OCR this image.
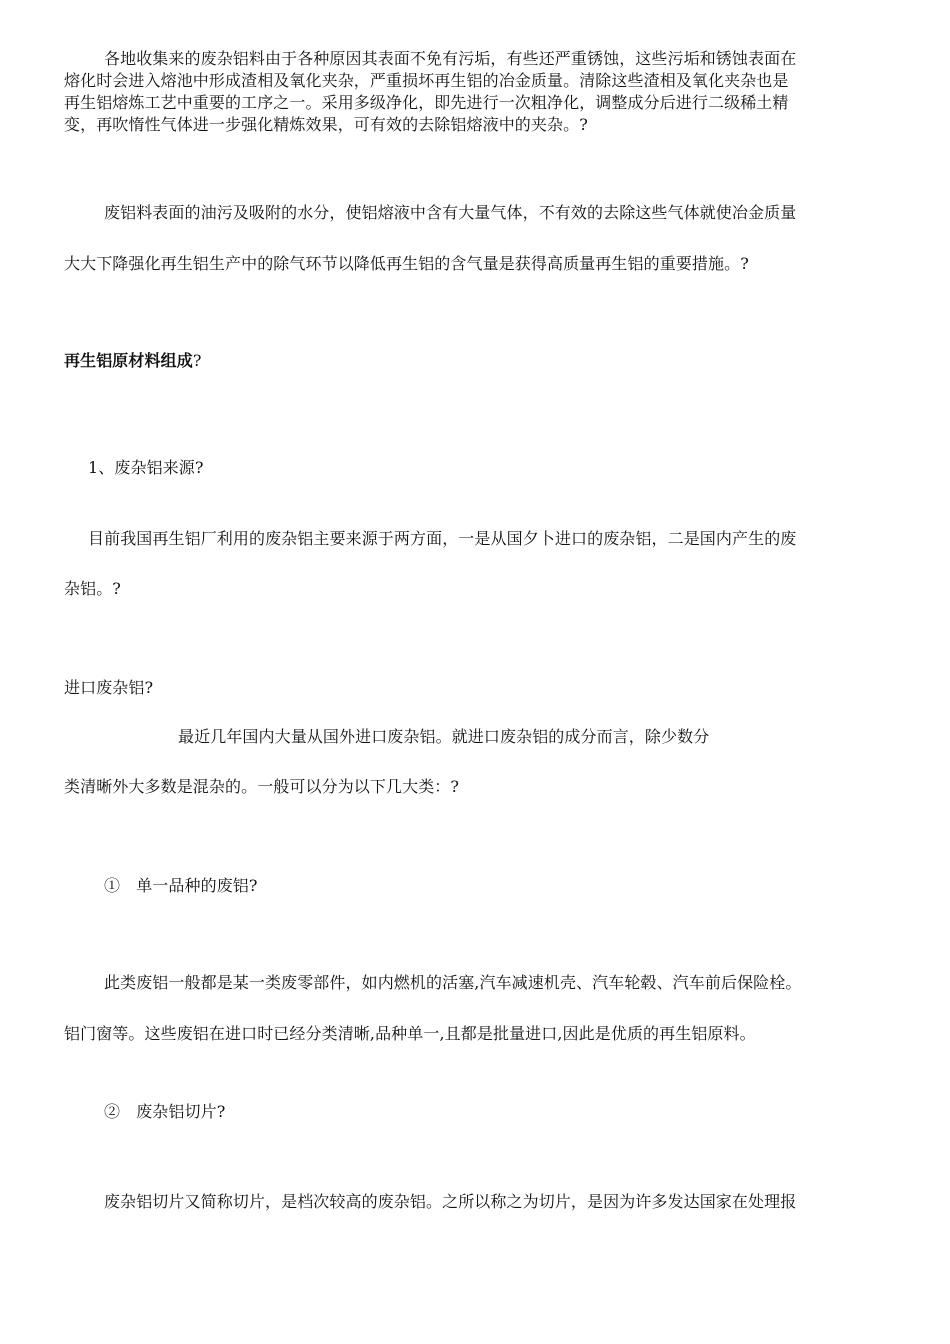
各地收集来的废杂铝料由于各种原因其表面不免有污垢，有些还严重锈蚀，这些污垢和锈蚀表面在
熔化时会进入熔池中形成渣相及氧化夹杂，严重损坏再生铝的冶金质量。清除这些渣相及氧化夹杂也是
再生铝熔炼工艺中重要的工序之一。采用多级净化，即先进行一次粗净化，调整成分后进行二级稀土精
变，再吹惰性气体进一步强化精炼效果，可有效的去除铝熔液中的夹杂。?
废铝料表面的油污及吸附的水分，使铝熔液中含有大量气体，不有效的去除这些气体就使冶金质量
大大下降强化再生铝生产中的除气环节以降低再生铝的含气量是获得高质量再生铝的重要措施。?
再生铝原材料组成?
1、废杂铝来源?
目前我国再生铝厂利用的废杂铝主要来源于两方面，一是从国夕卜进口的废杂铝，二是国内产生的废
杂铝。?
进口废杂铝?
最近几年国内大量从国外进口废杂铝。就进口废杂铝的成分而言，除少数分
类清晰外大多数是混杂的。一般可以分为以下几大类：?
①　单一品种的废铝?
此类废铝一般都是某一类废零部件，如内燃机的活塞,汽车减速机壳、汽车轮毂、汽车前后保险栓。
铝门窗等。这些废铝在进口时已经分类清晰,品种单一,且都是批量进口,因此是优质的再生铝原料。
②　废杂铝切片?
废杂铝切片又简称切片，是档次较高的废杂铝。之所以称之为切片，是因为许多发达国家在处理报
